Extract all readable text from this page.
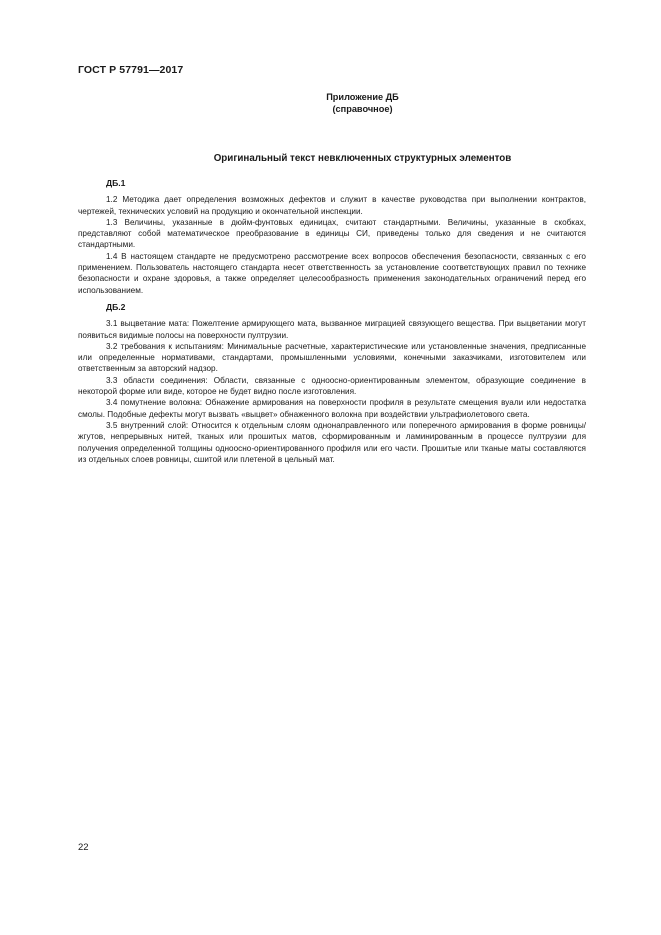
ГОСТ Р 57791—2017
Приложение ДБ
(справочное)
Оригинальный текст невключенных структурных элементов
ДБ.1

1.2 Методика дает определения возможных дефектов и служит в качестве руководства при выполнении контрактов, чертежей, технических условий на продукцию и окончательной инспекции.

1.3 Величины, указанные в дюйм-фунтовых единицах, считают стандартными. Величины, указанные в скобках, представляют собой математическое преобразование в единицы СИ, приведены только для сведения и не считаются стандартными.

1.4 В настоящем стандарте не предусмотрено рассмотрение всех вопросов обеспечения безопасности, связанных с его применением. Пользователь настоящего стандарта несет ответственность за установление соответствующих правил по технике безопасности и охране здоровья, а также определяет целесообразность применения законодательных ограничений перед его использованием.

ДБ.2

3.1 выцветание мата: Пожелтение армирующего мата, вызванное миграцией связующего вещества. При выцветании могут появиться видимые полосы на поверхности пултрузии.

3.2 требования к испытаниям: Минимальные расчетные, характеристические или установленные значения, предписанные или определенные нормативами, стандартами, промышленными условиями, конечными заказчиками, изготовителем или ответственным за авторский надзор.

3.3 области соединения: Области, связанные с одноосно-ориентированным элементом, образующие соединение в некоторой форме или виде, которое не будет видно после изготовления.

3.4 помутнение волокна: Обнажение армирования на поверхности профиля в результате смещения вуали или недостатка смолы. Подобные дефекты могут вызвать «выцвет» обнаженного волокна при воздействии ультрафиолетового света.

3.5 внутренний слой: Относится к отдельным слоям однонаправленного или поперечного армирования в форме ровницы/жгутов, непрерывных нитей, тканых или прошитых матов, сформированным и ламинированным в процессе пултрузии для получения определенной толщины одноосно-ориентированного профиля или его части. Прошитые или тканые маты составляются из отдельных слоев ровницы, сшитой или плетеной в цельный мат.

22
